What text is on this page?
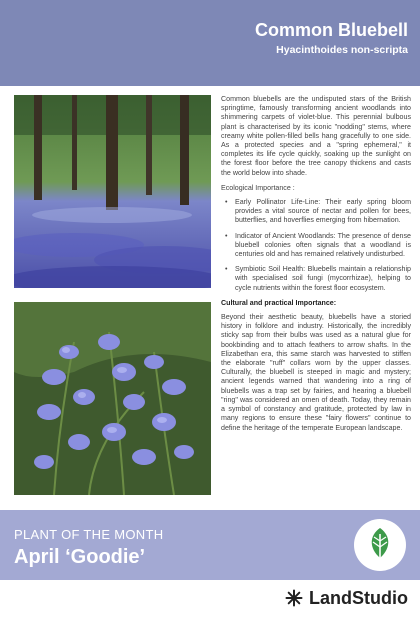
Common Bluebell
Hyacinthoides non-scripta

Common bluebells are the undisputed stars of the British springtime, famously transforming ancient woodlands into shimmering carpets of violet-blue. This perennial bulbous plant is characterised by its iconic "nodding" stems, where creamy white pollen-filled bells hang gracefully to one side. As a protected species and a "spring ephemeral," it completes its life cycle quickly, soaking up the sunlight on the forest floor before the tree canopy thickens and casts the world below into shade.

Ecological Importance :
• Early Pollinator Life-Line: Their early spring bloom provides a vital source of nectar and pollen for bees, butterflies, and hoverflies emerging from hibernation.
• Indicator of Ancient Woodlands: The presence of dense bluebell colonies often signals that a woodland is centuries old and has remained relatively undisturbed.
• Symbiotic Soil Health: Bluebells maintain a relationship with specialised soil fungi (mycorrhizae), helping to cycle nutrients within the forest floor ecosystem.
Cultural and practical Importance:

Beyond their aesthetic beauty, bluebells have a storied history in folklore and industry. Historically, the incredibly sticky sap from their bulbs was used as a natural glue for bookbinding and to attach feathers to arrow shafts. In the Elizabethan era, this same starch was harvested to stiffen the elaborate "ruff" collars worn by the upper classes. Culturally, the bluebell is steeped in magic and mystery; ancient legends warned that wandering into a ring of bluebells was a trap set by fairies, and hearing a bluebell "ring" was considered an omen of death. Today, they remain a symbol of constancy and gratitude, protected by law in many regions to ensure these "fairy flowers" continue to define the heritage of the temperate European landscape.

PLANT OF THE MONTH
April ‘Goodie’
LandStudio
